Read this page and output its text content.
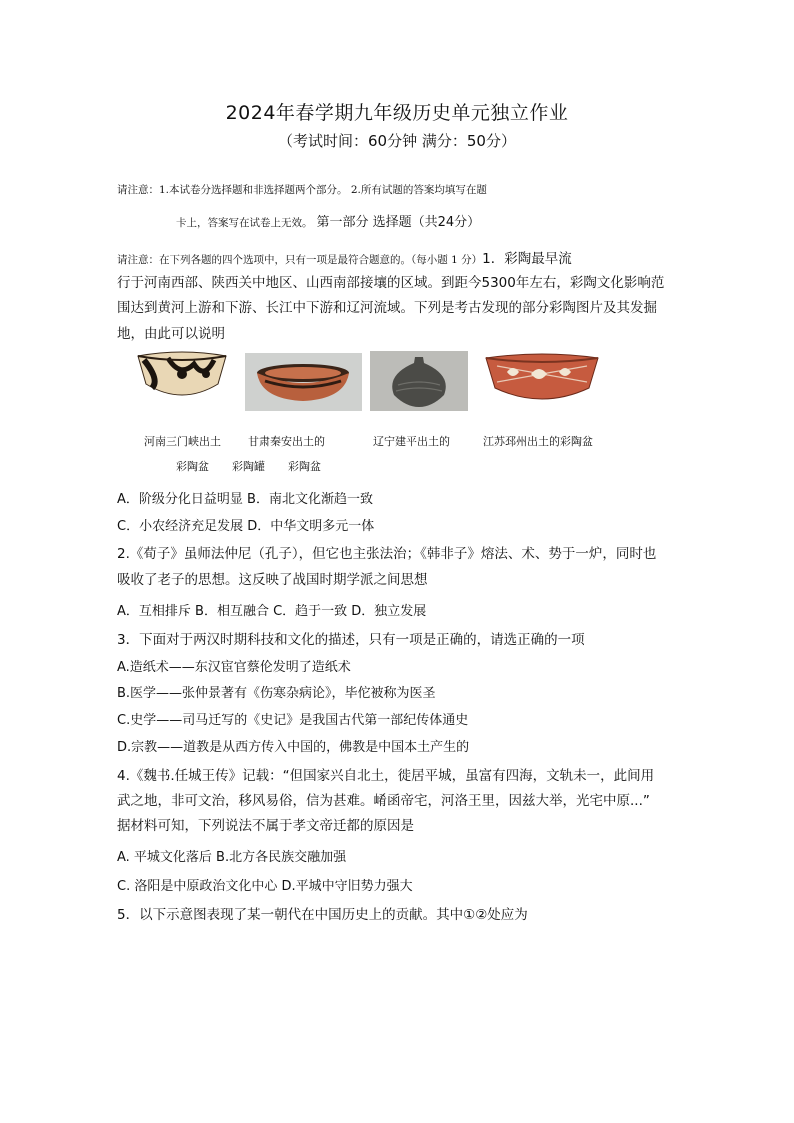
2024年春学期九年级历史单元独立作业
（考试时间：60分钟 满分：50分）
请注意：1.本试卷分选择题和非选择题两个部分。 2.所有试题的答案均填写在题
卡上，答案写在试卷上无效。 第一部分 选择题（共24分）
请注意：在下列各题的四个选项中，只有一项是最符合题意的。（每小题 1 分）1．彩陶最早流
行于河南西部、陕西关中地区、山西南部接壤的区域。到距今5300年左右，彩陶文化影响范
围达到黄河上游和下游、长江中下游和辽河流域。下列是考古发现的部分彩陶图片及其发掘
地，由此可以说明
河南三门峡出土 甘肃秦安出土的	辽宁建平出土的	江苏邳州出土的彩陶盆
彩陶盆 彩陶罐 彩陶盆
A．阶级分化日益明显 B．南北文化渐趋一致
C．小农经济充足发展 D．中华文明多元一体
2.《荀子》虽师法仲尼（孔子），但它也主张法治；《韩非子》熔法、术、势于一炉，同时也
吸收了老子的思想。这反映了战国时期学派之间思想
A．互相排斥 B．相互融合 C．趋于一致 D．独立发展
3．下面对于两汉时期科技和文化的描述，只有一项是正确的，请选正确的一项
A.造纸术——东汉宦官蔡伦发明了造纸术
B.医学——张仲景著有《伤寒杂病论》，毕佗被称为医圣
C.史学——司马迁写的《史记》是我国古代第一部纪传体通史
D.宗教——道教是从西方传入中国的，佛教是中国本土产生的
4.《魏书.任城王传》记载：“但国家兴自北土，徙居平城，虽富有四海，文轨未一，此间用
武之地，非可文治，移风易俗，信为甚难。崤函帝宅，河洛王里，因兹大举，光宅中原...”
据材料可知，下列说法不属于孝文帝迁都的原因是
A. 平城文化落后 B.北方各民族交融加强
C. 洛阳是中原政治文化中心 D.平城中守旧势力强大
5．以下示意图表现了某一朝代在中国历史上的贡献。其中①②处应为
